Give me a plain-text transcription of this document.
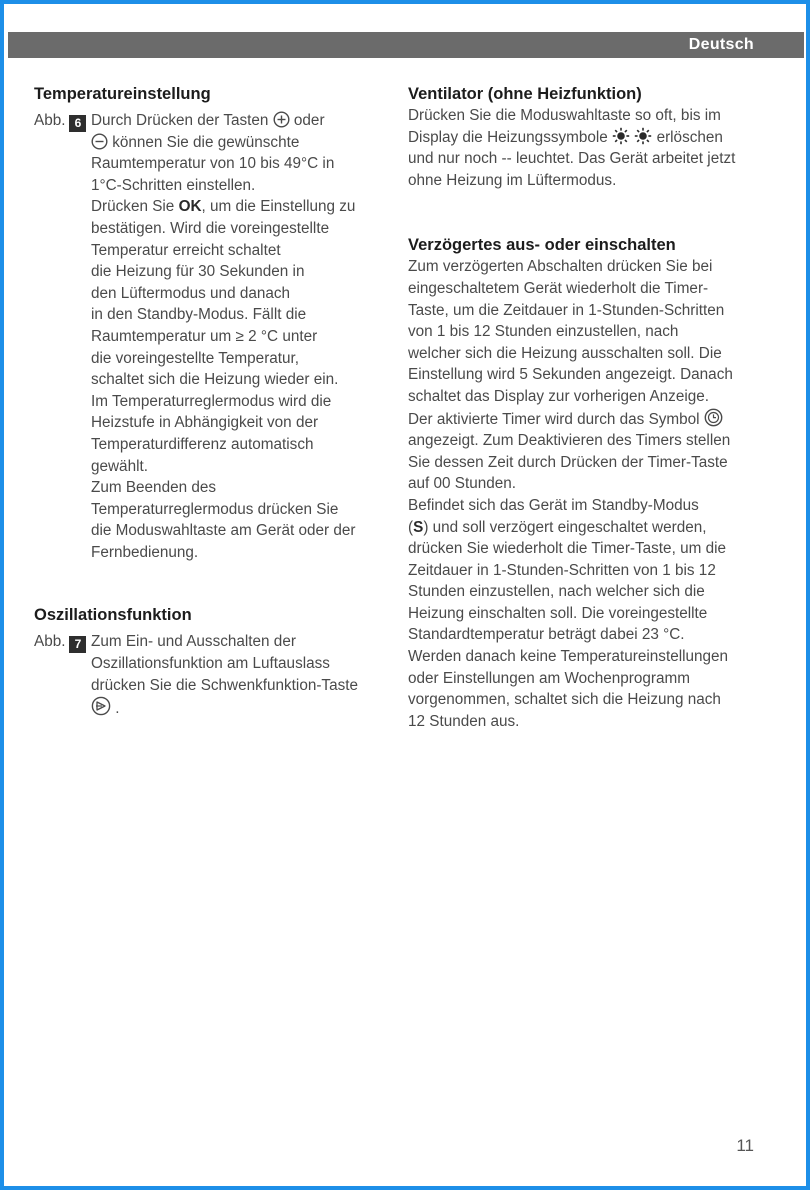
Deutsch
Temperatureinstellung
Abb. 6 Durch Drücken der Tasten oder

können Sie die gewünschte

Raumtemperatur von 10 bis 49°C in

1°C-Schritten einstellen.

Drücken Sie OK, um die Einstellung zu

bestätigen. Wird die voreingestellte

Temperatur erreicht schaltet

die Heizung für 30 Sekunden in

den Lüftermodus und danach

in den Standby-Modus. Fällt die

Raumtemperatur um ≥ 2 °C unter

die voreingestellte Temperatur,

schaltet sich die Heizung wieder ein.

Im Temperaturreglermodus wird die

Heizstufe in Abhängigkeit von der

Temperaturdifferenz automatisch

gewählt.

Zum Beenden des

Temperaturreglermodus drücken Sie

die Moduswahltaste am Gerät oder der

Fernbedienung.

Oszillationsfunktion
Abb. 7 Zum Ein- und Ausschalten der

Oszillationsfunktion am Luftauslass

drücken Sie die Schwenkfunktion-Taste

.

Ventilator (ohne Heizfunktion)

Drücken Sie die Moduswahltaste so oft, bis im

Display die Heizungssymbole	erlöschen

und nur noch -- leuchtet. Das Gerät arbeitet jetzt

ohne Heizung im Lüftermodus.

Verzögertes aus- oder einschalten

Zum verzögerten Abschalten drücken Sie bei

eingeschaltetem Gerät wiederholt die Timer-

Taste, um die Zeitdauer in 1-Stunden-Schritten

von 1 bis 12 Stunden einzustellen, nach

welcher sich die Heizung ausschalten soll. Die

Einstellung wird 5 Sekunden angezeigt. Danach

schaltet das Display zur vorherigen Anzeige.

Der aktivierte Timer wird durch das Symbol

angezeigt. Zum Deaktivieren des Timers stellen

Sie dessen Zeit durch Drücken der Timer-Taste

auf 00 Stunden.

Befindet sich das Gerät im Standby-Modus

(S) und soll verzögert eingeschaltet werden,

drücken Sie wiederholt die Timer-Taste, um die

Zeitdauer in 1-Stunden-Schritten von 1 bis 12

Stunden einzustellen, nach welcher sich die

Heizung einschalten soll. Die voreingestellte

Standardtemperatur beträgt dabei 23 °C.

Werden danach keine Temperatureinstellungen

oder Einstellungen am Wochenprogramm

vorgenommen, schaltet sich die Heizung nach

12 Stunden aus.

11
